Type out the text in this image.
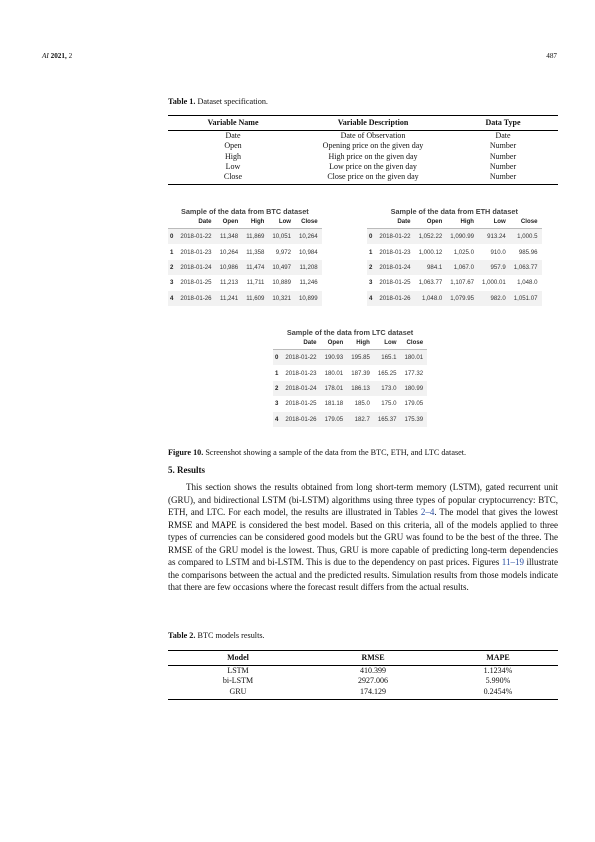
AI 2021, 2	487
Table 1. Dataset specification.
Variable Name	Variable Description	Data Type
Date	Date of Observation	Date
Open	Opening price on the given day	Number
High	High price on the given day	Number
Low	Low price on the given day	Number
Close	Close price on the given day	Number
Sample of the data from BTC dataset
	Date	Open	High	Low	Close
0	2018-01-22	11,348	11,869	10,051	10,264
1	2018-01-23	10,264	11,358	9,972	10,984
2	2018-01-24	10,986	11,474	10,497	11,208
3	2018-01-25	11,213	11,711	10,889	11,246
4	2018-01-26	11,241	11,609	10,321	10,899
Sample of the data from ETH dataset
	Date	Open	High	Low	Close
0	2018-01-22	1,052.22	1,090.99	913.24	1,000.5
1	2018-01-23	1,000.12	1,025.0	910.0	985.96
2	2018-01-24	984.1	1,067.0	957.9	1,063.77
3	2018-01-25	1,063.77	1,107.67	1,000.01	1,048.0
4	2018-01-26	1,048.0	1,079.95	982.0	1,051.07
Sample of the data from LTC dataset
	Date	Open	High	Low	Close
0	2018-01-22	190.93	195.85	165.1	180.01
1	2018-01-23	180.01	187.39	165.25	177.32
2	2018-01-24	178.01	186.13	173.0	180.99
3	2018-01-25	181.18	185.0	175.0	179.05
4	2018-01-26	179.05	182.7	165.37	175.39
Figure 10. Screenshot showing a sample of the data from the BTC, ETH, and LTC dataset.
5. Results
This section shows the results obtained from long short-term memory (LSTM), gated recurrent unit (GRU), and bidirectional LSTM (bi-LSTM) algorithms using three types of popular cryptocurrency: BTC, ETH, and LTC. For each model, the results are illustrated in Tables 2–4. The model that gives the lowest RMSE and MAPE is considered the best model. Based on this criteria, all of the models applied to three types of currencies can be considered good models but the GRU was found to be the best of the three. The RMSE of the GRU model is the lowest. Thus, GRU is more capable of predicting long-term dependencies as compared to LSTM and bi-LSTM. This is due to the dependency on past prices. Figures 11–19 illustrate the comparisons between the actual and the predicted results. Simulation results from those models indicate that there are few occasions where the forecast result differs from the actual results.
Table 2. BTC models results.
Model	RMSE	MAPE
LSTM	410.399	1.1234%
bi-LSTM	2927.006	5.990%
GRU	174.129	0.2454%
